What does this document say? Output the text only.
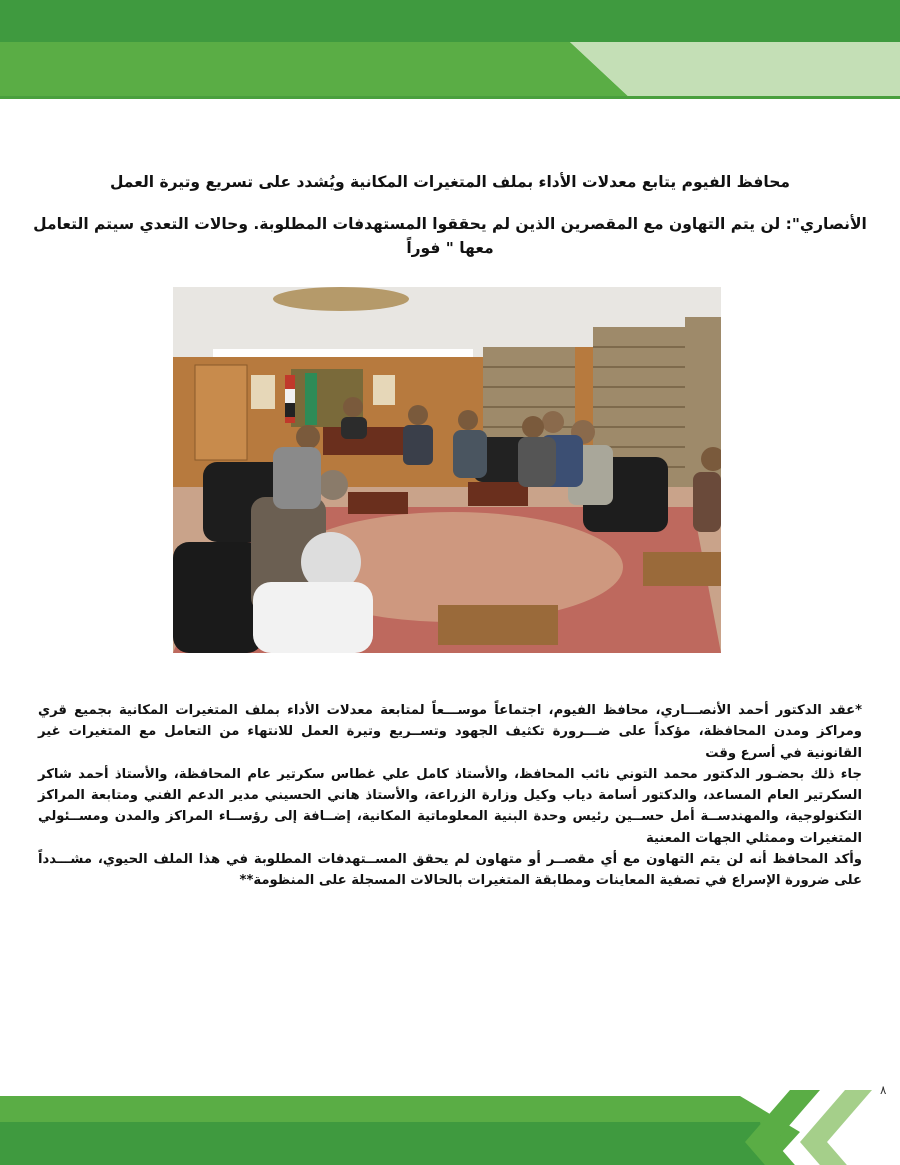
محافظ الفيوم يتابع معدلات الأداء بملف المتغيرات المكانية ويُشدد على تسريع وتيرة العمل
الأنصاري": لن يتم التهاون مع المقصرين الذين لم يحققوا المستهدفات المطلوبة. وحالات التعدي سيتم التعامل معها " فوراً

*عقد الدكتور أحمد الأنصـــاري، محافظ الفيوم، اجتماعاً موســـعاً لمتابعة معدلات الأداء بملف المتغيرات المكانية بجميع قري ومراكز ومدن المحافظة، مؤكداً على ضـــرورة تكثيف الجهود وتســريع وتيرة العمل للانتهاء من التعامل مع المتغيرات غير القانونية في أسرع وقت

جاء ذلك بحضـور الدكتور محمد التوني نائب المحافظ، والأستاذ كامل علي غطاس سكرتير عام المحافظة، والأستاذ أحمد شاكر السكرتير العام المساعد، والدكتور أسامة دياب وكيل وزارة الزراعة، والأستاذ هاني الحسيني مدير الدعم الفني ومتابعة المراكز التكنولوجية، والمهندســة أمل حســين رئيس وحدة البنية المعلوماتية المكانية، إضــافة إلى رؤســاء المراكز والمدن ومســئولي المتغيرات وممثلي الجهات المعنية

وأكد المحافظ أنه لن يتم التهاون مع أي مقصــر أو متهاون لم يحقق المســتهدفات المطلوبة في هذا الملف الحيوي، مشـــدداً على ضرورة الإسراع في تصفية المعاينات ومطابقة المتغيرات بالحالات المسجلة على المنظومة**

٨
